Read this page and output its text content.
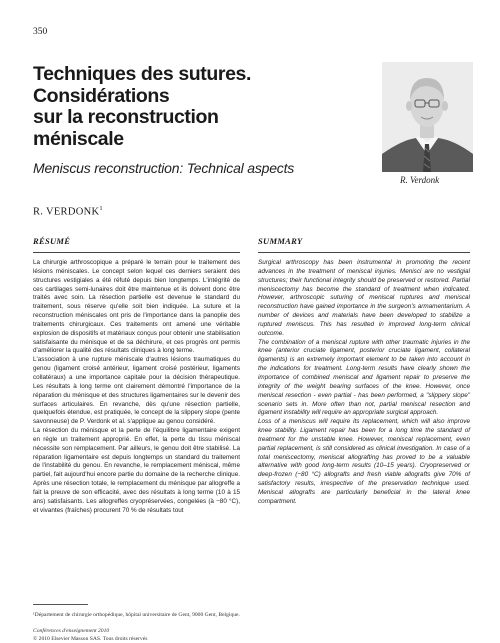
350
Techniques des sutures.
Considérations
sur la reconstruction
méniscale
Meniscus reconstruction: Technical aspects
R. Verdonk
R. VERDONK$^1$
RÉSUMÉ

La chirurgie arthroscopique a préparé le terrain pour le traitement des lésions méniscales. Le concept selon lequel ces derniers seraient des structures vestigiales a été réfuté depuis bien longtemps. L'intégrité de ces cartilages semi-lunaires doit être maintenue et ils doivent donc être traités avec soin. La résection partielle est devenue le standard du traitement, sous réserve qu'elle soit bien indiquée. La suture et la reconstruction méniscales ont pris de l'importance dans la panoplie des traitements chirurgicaux. Ces traitements ont amené une véritable explosion de dispositifs et matériaux conçus pour obtenir une stabilisation satisfaisante du ménisque et de sa déchirure, et ces progrès ont permis d'améliorer la qualité des résultats cliniques à long terme.

L'association à une rupture méniscale d'autres lésions traumatiques du genou (ligament croisé antérieur, ligament croisé postérieur, ligaments collatéraux) a une importance capitale pour la décision thérapeutique. Les résultats à long terme ont clairement démontré l'importance de la réparation du ménisque et des structures ligamentaires sur le devenir des surfaces articulaires. En revanche, dès qu'une résection partielle, quelquefois étendue, est pratiquée, le concept de la slippery slope (pente savonneuse) de P. Verdonk et al. s'applique au genou considéré.

La résection du ménisque et la perte de l'équilibre ligamentaire exigent en règle un traitement approprié. En effet, la perte du tissu méniscal nécessite son remplacement. Par ailleurs, le genou doit être stabilisé. La réparation ligamentaire est depuis longtemps un standard du traitement de l'instabilité du genou. En revanche, le remplacement méniscal, même partiel, fait aujourd'hui encore partie du domaine de la recherche clinique. Après une résection totale, le remplacement du ménisque par allogreffe a fait la preuve de son efficacité, avec des résultats à long terme (10 à 15 ans) satisfaisants. Les allogreffes cryopréservées, congelées (à −80 °C), et vivantes (fraîches) procurent 70 % de résultats tout

SUMMARY

Surgical arthroscopy has been instrumental in promoting the recent advances in the treatment of meniscal injuries. Menisci are no vestigial structures; their functional integrity should be preserved or restored. Partial meniscectomy has become the standard of treatment when indicated. However, arthroscopic suturing of meniscal ruptures and meniscal reconstruction have gained importance in the surgeon's armamentarium. A number of devices and materials have been developed to stabilize a ruptured meniscus. This has resulted in improved long-term clinical outcome.

The combination of a meniscal rupture with other traumatic injuries in the knee (anterior cruciate ligament, posterior cruciate ligament, collateral ligaments) is an extremely important element to be taken into account in the indications for treatment. Long-term results have clearly shown the importance of combined meniscal and ligament repair to preserve the integrity of the weight bearing surfaces of the knee. However, once meniscal resection - even partial - has been performed, a "slippery slope" scenario sets in. More often than not, partial meniscal resection and ligament instability will require an appropriate surgical approach.

Loss of a meniscus will require its replacement, which will also improve knee stability. Ligament repair has been for a long time the standard of treatment for the unstable knee. However, meniscal replacement, even partial replacement, is still considered as clinical investigation. In case of a total meniscectomy, meniscal allografting has proved to be a valuable alternative with good long-term results (10–15 years). Cryopreserved or deep-frozen (−80 °C) allografts and fresh viable allografts give 70% of satisfactory results, irrespective of the preservation technique used. Meniscal allografts are particularly beneficial in the lateral knee compartment.

¹Département de chirurgie orthopédique, hôpital universitaire de Gent, 9000 Gent, Belgique.
Conférences d'enseignement 2010
© 2010 Elsevier Masson SAS. Tous droits réservés
